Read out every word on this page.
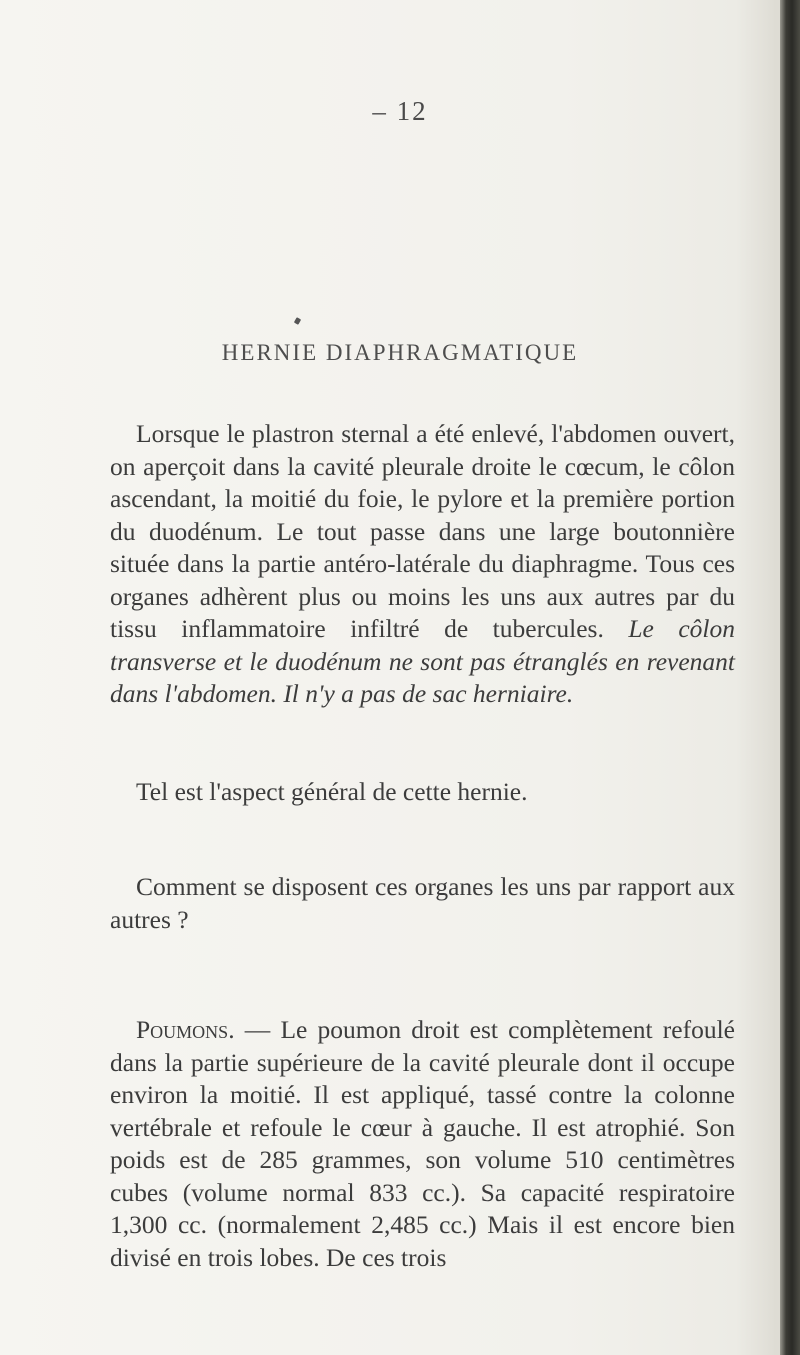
– 12
HERNIE DIAPHRAGMATIQUE
Lorsque le plastron sternal a été enlevé, l'abdomen ouvert, on aperçoit dans la cavité pleurale droite le cœcum, le côlon ascendant, la moitié du foie, le pylore et la première portion du duodénum. Le tout passe dans une large boutonnière située dans la partie antéro-latérale du diaphragme. Tous ces organes adhèrent plus ou moins les uns aux autres par du tissu inflammatoire infiltré de tubercules. Le côlon transverse et le duodénum ne sont pas étranglés en revenant dans l'abdomen. Il n'y a pas de sac herniaire.
Tel est l'aspect général de cette hernie.
Comment se disposent ces organes les uns par rapport aux autres ?
Poumons. — Le poumon droit est complètement refoulé dans la partie supérieure de la cavité pleurale dont il occupe environ la moitié. Il est appliqué, tassé contre la colonne vertébrale et refoule le cœur à gauche. Il est atrophié. Son poids est de 285 grammes, son volume 510 centimètres cubes (volume normal 833 cc.). Sa capacité respiratoire 1,300 cc. (normalement 2,485 cc.) Mais il est encore bien divisé en trois lobes. De ces trois
